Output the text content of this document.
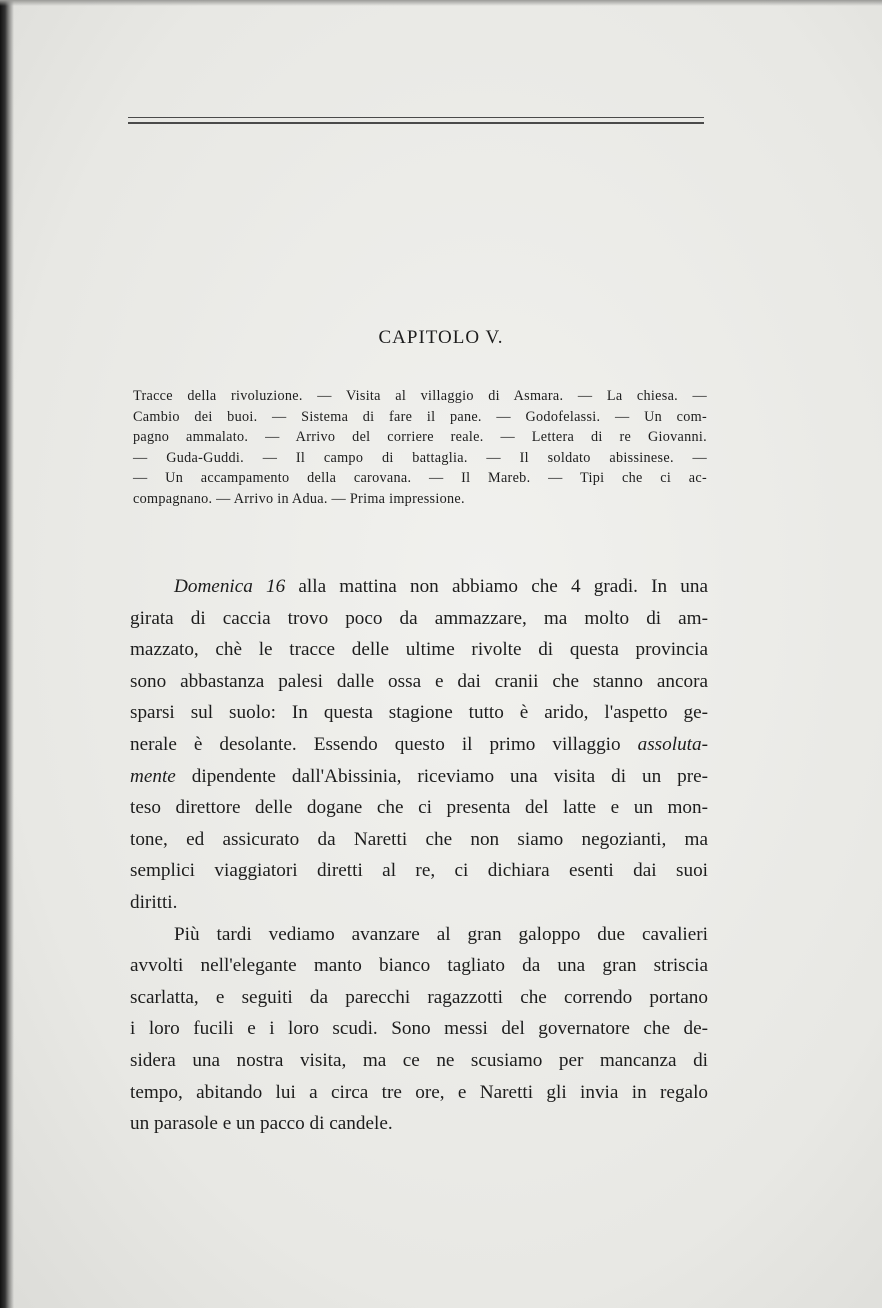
CAPITOLO V.
Tracce della rivoluzione. — Visita al villaggio di Asmara. — La chiesa. —
Cambio dei buoi. — Sistema di fare il pane. — Godofelassi. — Un com-
pagno ammalato. — Arrivo del corriere reale. — Lettera di re Giovanni.
— Guda-Guddi. — Il campo di battaglia. — Il soldato abissinese. —
— Un accampamento della carovana. — Il Mareb. — Tipi che ci ac-
compagnano. — Arrivo in Adua. — Prima impressione.
Domenica 16 alla mattina non abbiamo che 4 gradi. In una
girata di caccia trovo poco da ammazzare, ma molto di am-
mazzato, chè le tracce delle ultime rivolte di questa provincia
sono abbastanza palesi dalle ossa e dai cranii che stanno ancora
sparsi sul suolo: In questa stagione tutto è arido, l'aspetto ge-
nerale è desolante. Essendo questo il primo villaggio assoluta-
mente dipendente dall'Abissinia, riceviamo una visita di un pre-
teso direttore delle dogane che ci presenta del latte e un mon-
tone, ed assicurato da Naretti che non siamo negozianti, ma
semplici viaggiatori diretti al re, ci dichiara esenti dai suoi
diritti.
Più tardi vediamo avanzare al gran galoppo due cavalieri
avvolti nell'elegante manto bianco tagliato da una gran striscia
scarlatta, e seguiti da parecchi ragazzotti che correndo portano
i loro fucili e i loro scudi. Sono messi del governatore che de-
sidera una nostra visita, ma ce ne scusiamo per mancanza di
tempo, abitando lui a circa tre ore, e Naretti gli invia in regalo
un parasole e un pacco di candele.
